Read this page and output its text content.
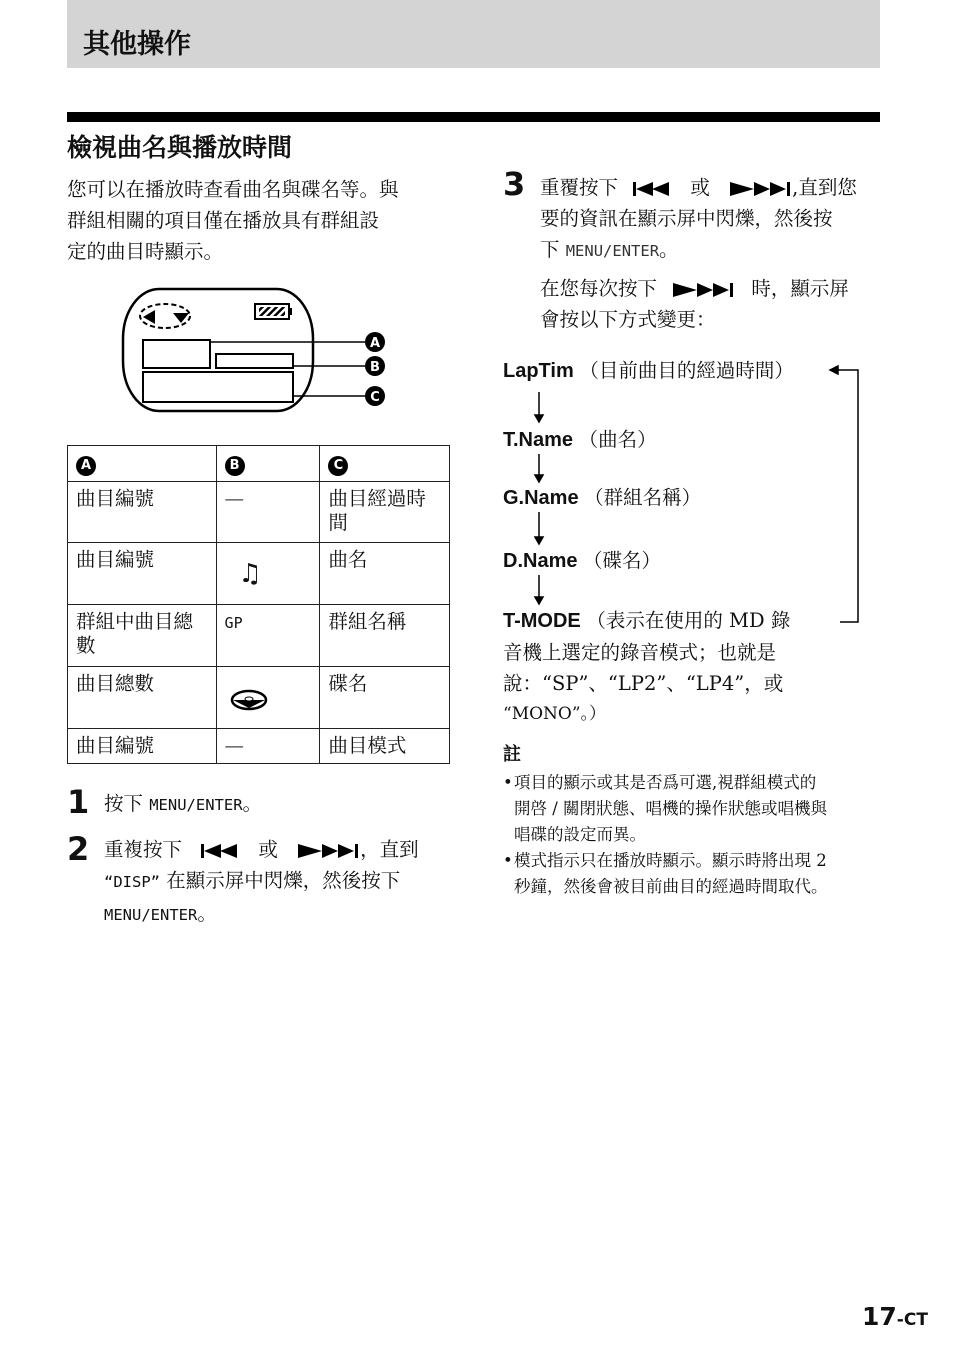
其他操作
檢視曲名與播放時間
您可以在播放時查看曲名與碟名等。與
群組相關的項目僅在播放具有群組設
定的曲目時顯示。
A
B
C
A	B	C
曲目編號	—	曲目經過時間
曲目編號	♫	曲名
群組中曲目總數	GP	群組名稱
曲目總數		碟名
曲目編號	—	曲目模式
1 按下 MENU/ENTER。
2 重複按下	或	，直到
“DISP” 在顯示屏中閃爍，然後按下
MENU/ENTER。
3 重覆按下	或	,直到您
要的資訊在顯示屏中閃爍，然後按
下 MENU/ENTER。
在您每次按下	時，顯示屏
會按以下方式變更：
LapTim （目前曲目的經過時間）
T.Name （曲名）
G.Name （群組名稱）
D.Name （碟名）
T-MODE （表示在使用的 MD 錄
音機上選定的錄音模式；也就是
說：“SP”、“LP2”、“LP4”，或
“MONO”。）
註
• 項目的顯示或其是否爲可選,視群組模式的
開啓 / 關閉狀態、唱機的操作狀態或唱機與
唱碟的設定而異。
• 模式指示只在播放時顯示。顯示時將出現 2
秒鐘，然後會被目前曲目的經過時間取代。
17-CT
